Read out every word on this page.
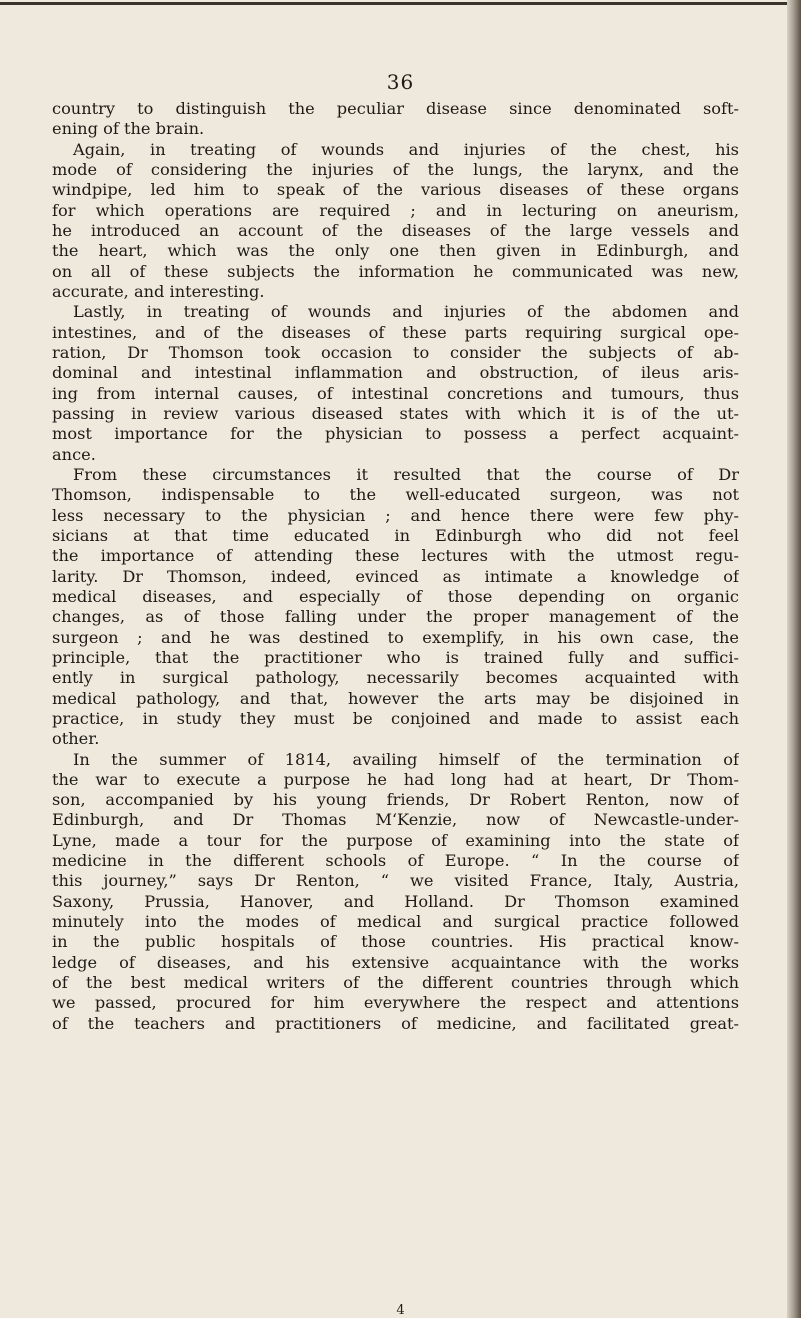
36
country to distinguish the peculiar disease since denominated soft-
ening of the brain.
Again, in treating of wounds and injuries of the chest, his
mode of considering the injuries of the lungs, the larynx, and the
windpipe, led him to speak of the various diseases of these organs
for which operations are required ; and in lecturing on aneurism,
he introduced an account of the diseases of the large vessels and
the heart, which was the only one then given in Edinburgh, and
on all of these subjects the information he communicated was new,
accurate, and interesting.
Lastly, in treating of wounds and injuries of the abdomen and
intestines, and of the diseases of these parts requiring surgical ope-
ration, Dr Thomson took occasion to consider the subjects of ab-
dominal and intestinal inflammation and obstruction, of ileus aris-
ing from internal causes, of intestinal concretions and tumours, thus
passing in review various diseased states with which it is of the ut-
most importance for the physician to possess a perfect acquaint-
ance.
From these circumstances it resulted that the course of Dr
Thomson, indispensable to the well-educated surgeon, was not
less necessary to the physician ; and hence there were few phy-
sicians at that time educated in Edinburgh who did not feel
the importance of attending these lectures with the utmost regu-
larity. Dr Thomson, indeed, evinced as intimate a knowledge of
medical diseases, and especially of those depending on organic
changes, as of those falling under the proper management of the
surgeon ; and he was destined to exemplify, in his own case, the
principle, that the practitioner who is trained fully and suffici-
ently in surgical pathology, necessarily becomes acquainted with
medical pathology, and that, however the arts may be disjoined in
practice, in study they must be conjoined and made to assist each
other.
In the summer of 1814, availing himself of the termination of
the war to execute a purpose he had long had at heart, Dr Thom-
son, accompanied by his young friends, Dr Robert Renton, now of
Edinburgh, and Dr Thomas M‘Kenzie, now of Newcastle-under-
Lyne, made a tour for the purpose of examining into the state of
medicine in the different schools of Europe. “ In the course of
this journey,” says Dr Renton, “ we visited France, Italy, Austria,
Saxony, Prussia, Hanover, and Holland. Dr Thomson examined
minutely into the modes of medical and surgical practice followed
in the public hospitals of those countries. His practical know-
ledge of diseases, and his extensive acquaintance with the works
of the best medical writers of the different countries through which
we passed, procured for him everywhere the respect and attentions
of the teachers and practitioners of medicine, and facilitated great-
4
